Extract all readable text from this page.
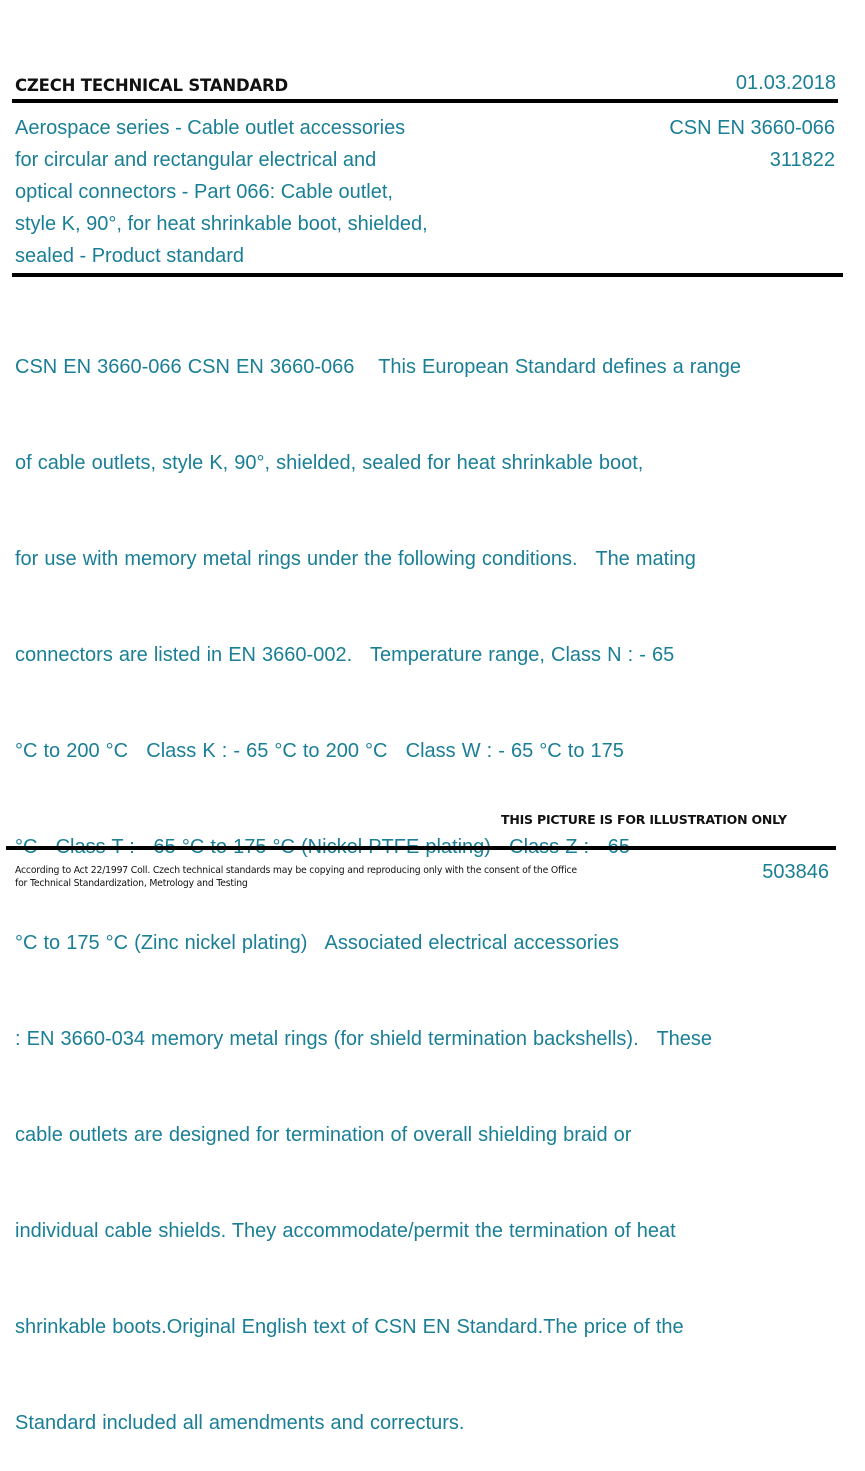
CZECH TECHNICAL STANDARD	01.03.2018
Aerospace series - Cable outlet accessories
for circular and rectangular electrical and
optical connectors - Part 066: Cable outlet,
style K, 90°, for heat shrinkable boot, shielded,
sealed - Product standard
CSN EN 3660-066
311822

CSN EN 3660-066 CSN EN 3660-066    This European Standard defines a range

of cable outlets, style K, 90°, shielded, sealed for heat shrinkable boot,

for use with memory metal rings under the following conditions.   The mating

connectors are listed in EN 3660-002.   Temperature range, Class N : - 65

°C to 200 °C   Class K : - 65 °C to 200 °C   Class W : - 65 °C to 175

°C to 175 °C (Zinc nickel plating)   Associated electrical accessories

: EN 3660-034 memory metal rings (for shield termination backshells).   These

cable outlets are designed for termination of overall shielding braid or

individual cable shields. They accommodate/permit the termination of heat

shrinkable boots.Original English text of CSN EN Standard.The price of the

Standard included all amendments and correcturs.

THIS PICTURE IS FOR ILLUSTRATION ONLY
According to Act 22/1997 Coll. Czech technical standards may be copying and reproducing only with the consent of the Office
for Technical Standardization, Metrology and Testing
503846
